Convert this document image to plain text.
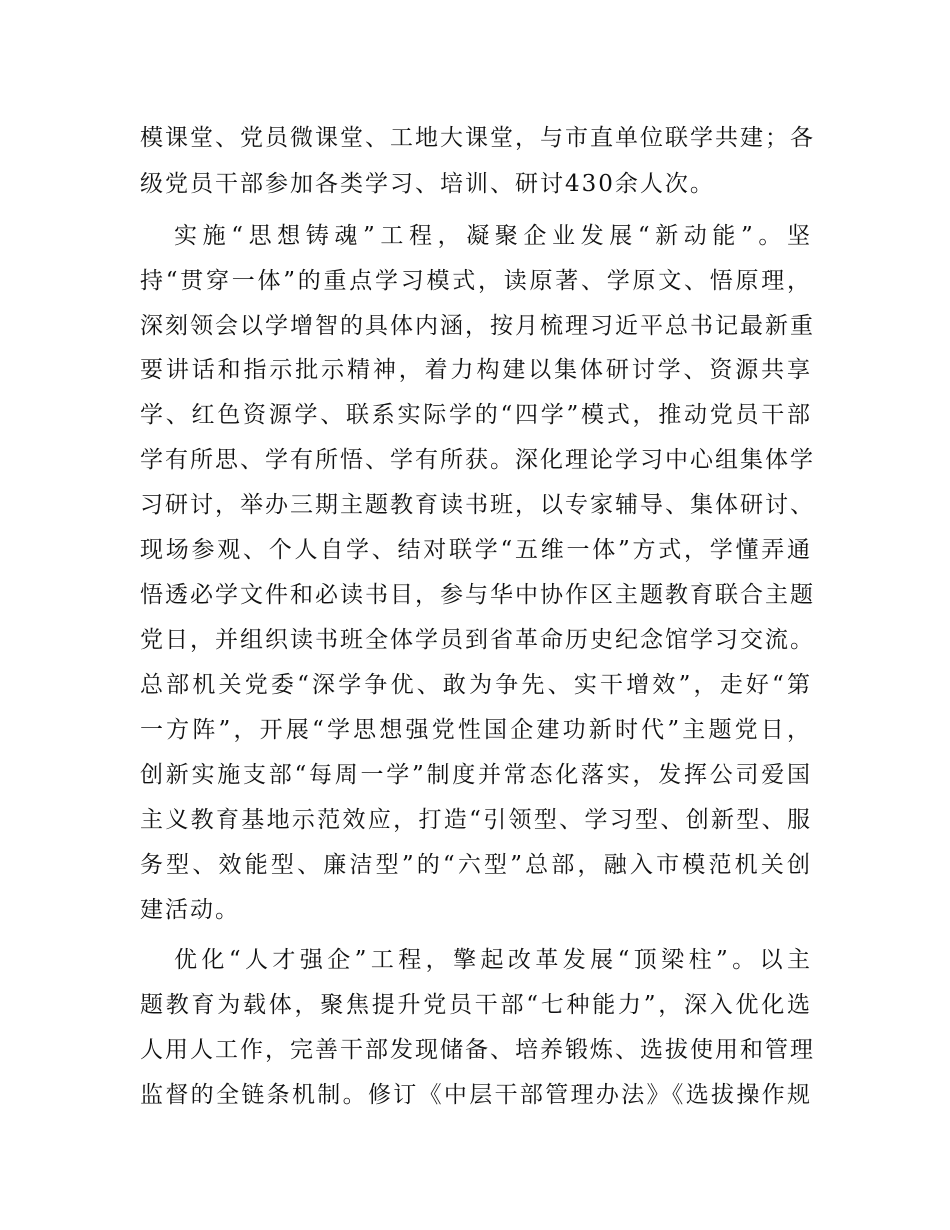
模课堂、党员微课堂、工地大课堂，与市直单位联学共建；各
级党员干部参加各类学习、培训、研讨430余人次。
实施“思想铸魂”工程，凝聚企业发展“新动能”。坚
持“贯穿一体”的重点学习模式，读原著、学原文、悟原理，
深刻领会以学增智的具体内涵，按月梳理习近平总书记最新重
要讲话和指示批示精神，着力构建以集体研讨学、资源共享
学、红色资源学、联系实际学的“四学”模式，推动党员干部
学有所思、学有所悟、学有所获。深化理论学习中心组集体学
习研讨，举办三期主题教育读书班，以专家辅导、集体研讨、
现场参观、个人自学、结对联学“五维一体”方式，学懂弄通
悟透必学文件和必读书目，参与华中协作区主题教育联合主题
党日，并组织读书班全体学员到省革命历史纪念馆学习交流。
总部机关党委“深学争优、敢为争先、实干增效”，走好“第
一方阵”，开展“学思想强党性国企建功新时代”主题党日，
创新实施支部“每周一学”制度并常态化落实，发挥公司爱国
主义教育基地示范效应，打造“引领型、学习型、创新型、服
务型、效能型、廉洁型”的“六型”总部，融入市模范机关创
建活动。
优化“人才强企”工程，擎起改革发展“顶梁柱”。以主
题教育为载体，聚焦提升党员干部“七种能力”，深入优化选
人用人工作，完善干部发现储备、培养锻炼、选拔使用和管理
监督的全链条机制。修订《中层干部管理办法》《选拔操作规
